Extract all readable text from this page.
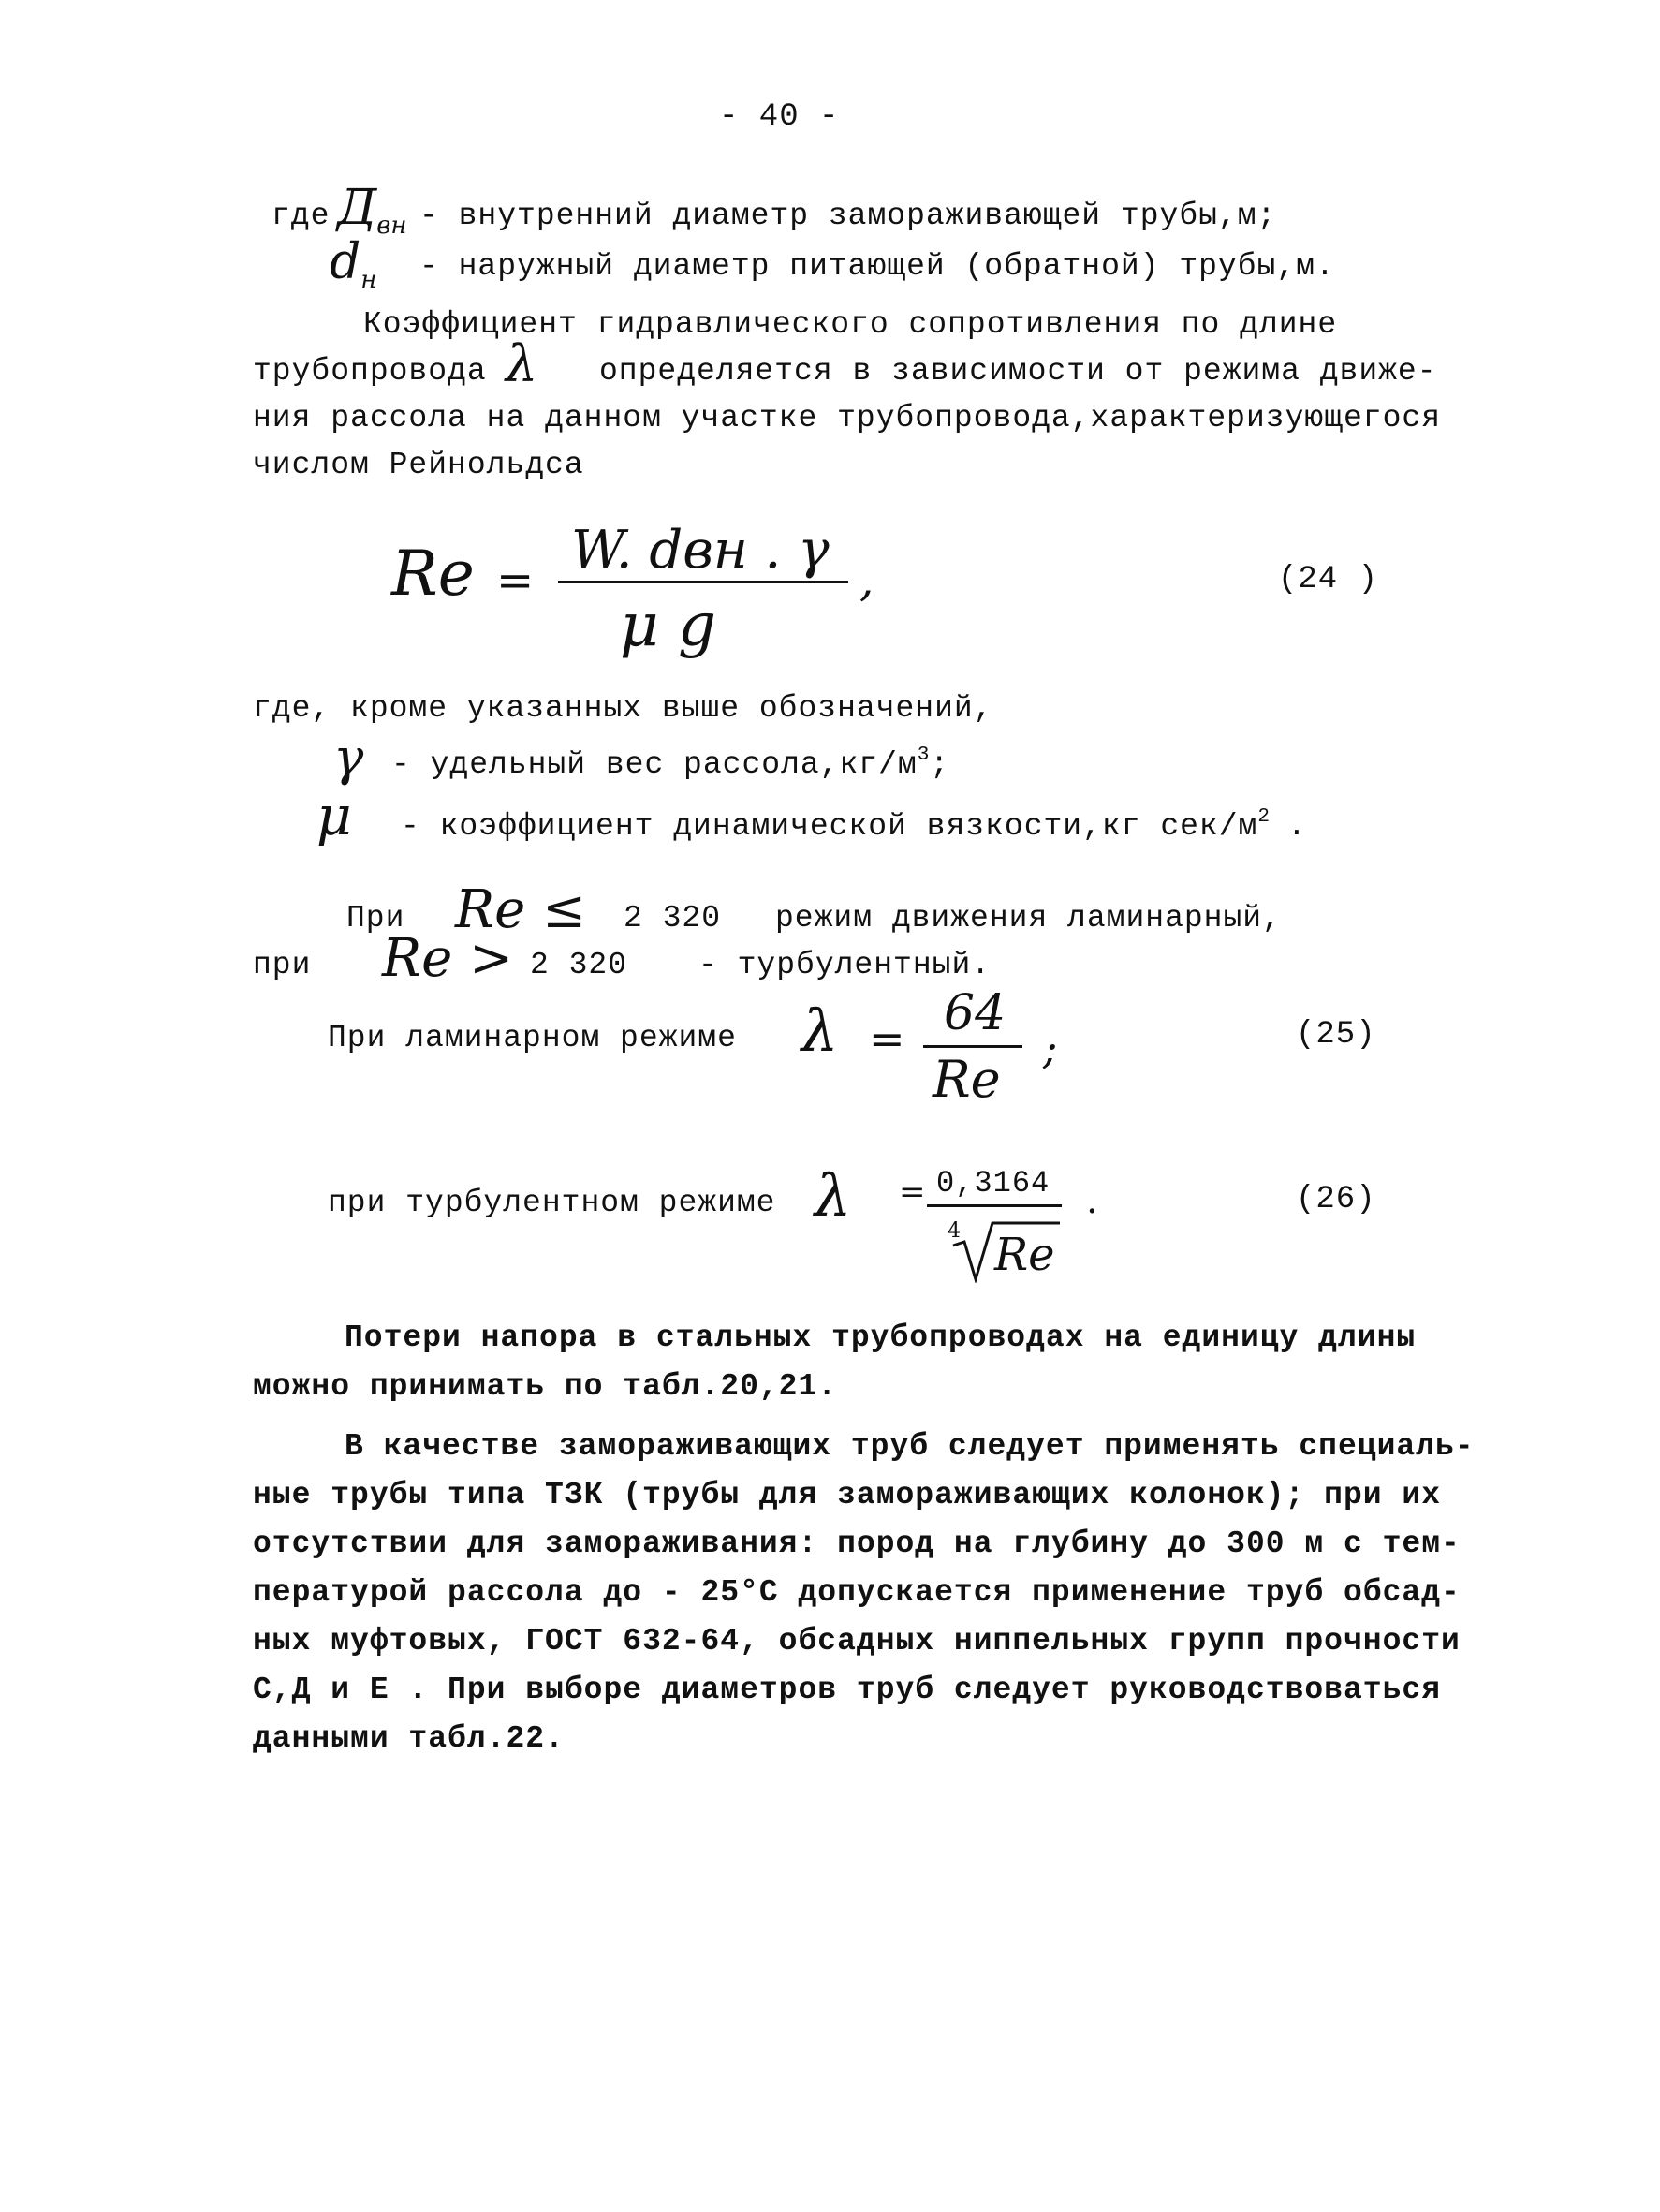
- 40 -
где Двн - внутренний диаметр замораживающей трубы,м;
dн - наружный диаметр питающей (обратной) трубы,м.
Коэффициент гидравлического сопротивления по длине
трубопровода λ определяется в зависимости от режима движе-
ния рассола на данном участке трубопровода,характеризующегося
числом Рейнольдса
Re = W. dвн . γ
μ g
,	(24 )
где, кроме указанных выше обозначений,
γ - удельный вес $рассола,кг/м^3$;
μ - коэффициент динамической вязкости,кг сек/$м^2$ .
При Re ≤ 2 320 режим движения ламинарный,
при Re > 2 320 - турбулентный.
При ламинарном режиме λ = 64
Re
;	(25)
при турбулентном режиме λ = 0,3164
4 Re
.	(26)
Потери напора в стальных трубопроводах на единицу длины
можно принимать по табл.20,21.
В качестве замораживающих труб следует применять специаль-
ные трубы типа ТЗК (трубы для замораживающих колонок); при их
отсутствии для замораживания: пород на глубину до 300 м с тем-
пературой рассола до - 25°С допускается применение труб обсад-
ных муфтовых, ГОСТ 632-64, обсадных ниппельных групп прочности
С,Д и Е . При выборе диаметров труб следует руководствоваться
данными табл.22.
